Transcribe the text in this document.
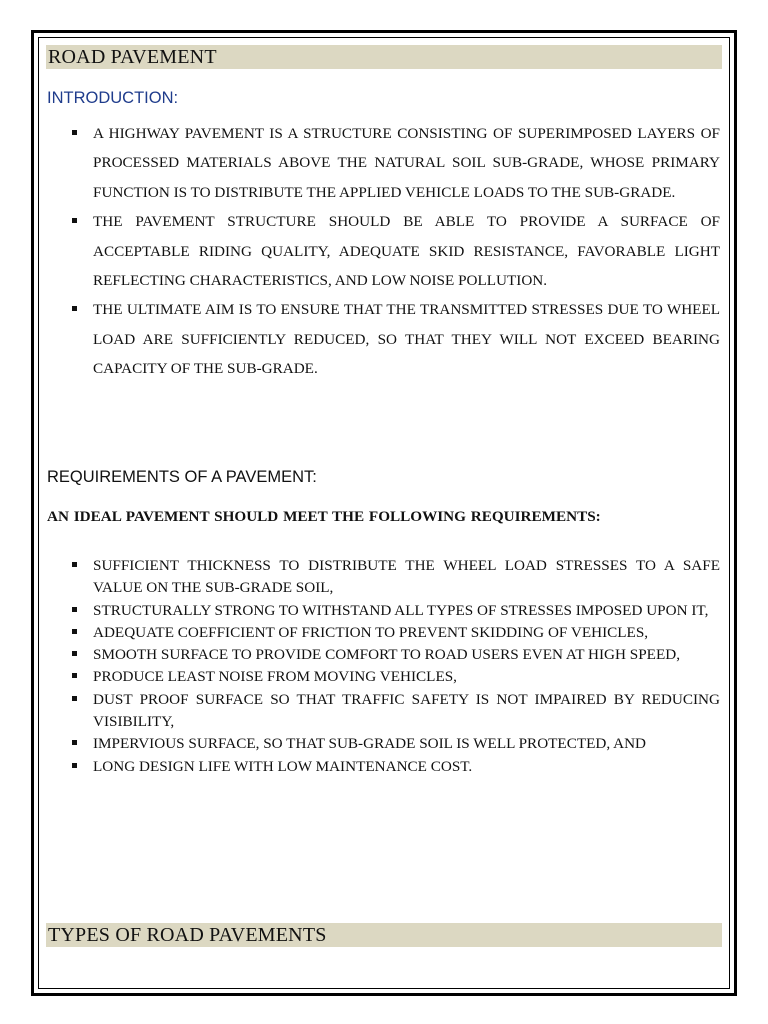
ROAD PAVEMENT
INTRODUCTION:
A HIGHWAY PAVEMENT IS A STRUCTURE CONSISTING OF SUPERIMPOSED LAYERS OF PROCESSED MATERIALS ABOVE THE NATURAL SOIL SUB-GRADE, WHOSE PRIMARY FUNCTION IS TO DISTRIBUTE THE APPLIED VEHICLE LOADS TO THE SUB-GRADE.
THE PAVEMENT STRUCTURE SHOULD BE ABLE TO PROVIDE A SURFACE OF ACCEPTABLE RIDING QUALITY, ADEQUATE SKID RESISTANCE, FAVORABLE LIGHT REFLECTING CHARACTERISTICS, AND LOW NOISE POLLUTION.
THE ULTIMATE AIM IS TO ENSURE THAT THE TRANSMITTED STRESSES DUE TO WHEEL LOAD ARE SUFFICIENTLY REDUCED, SO THAT THEY WILL NOT EXCEED BEARING CAPACITY OF THE SUB-GRADE.
REQUIREMENTS OF A PAVEMENT:
AN IDEAL PAVEMENT SHOULD MEET THE FOLLOWING REQUIREMENTS:
SUFFICIENT THICKNESS TO DISTRIBUTE THE WHEEL LOAD STRESSES TO A SAFE VALUE ON THE SUB-GRADE SOIL,
STRUCTURALLY STRONG TO WITHSTAND ALL TYPES OF STRESSES IMPOSED UPON IT,
ADEQUATE COEFFICIENT OF FRICTION TO PREVENT SKIDDING OF VEHICLES,
SMOOTH SURFACE TO PROVIDE COMFORT TO ROAD USERS EVEN AT HIGH SPEED,
PRODUCE LEAST NOISE FROM MOVING VEHICLES,
DUST PROOF SURFACE SO THAT TRAFFIC SAFETY IS NOT IMPAIRED BY REDUCING VISIBILITY,
IMPERVIOUS SURFACE, SO THAT SUB-GRADE SOIL IS WELL PROTECTED, AND
LONG DESIGN LIFE WITH LOW MAINTENANCE COST.
TYPES OF ROAD PAVEMENTS
